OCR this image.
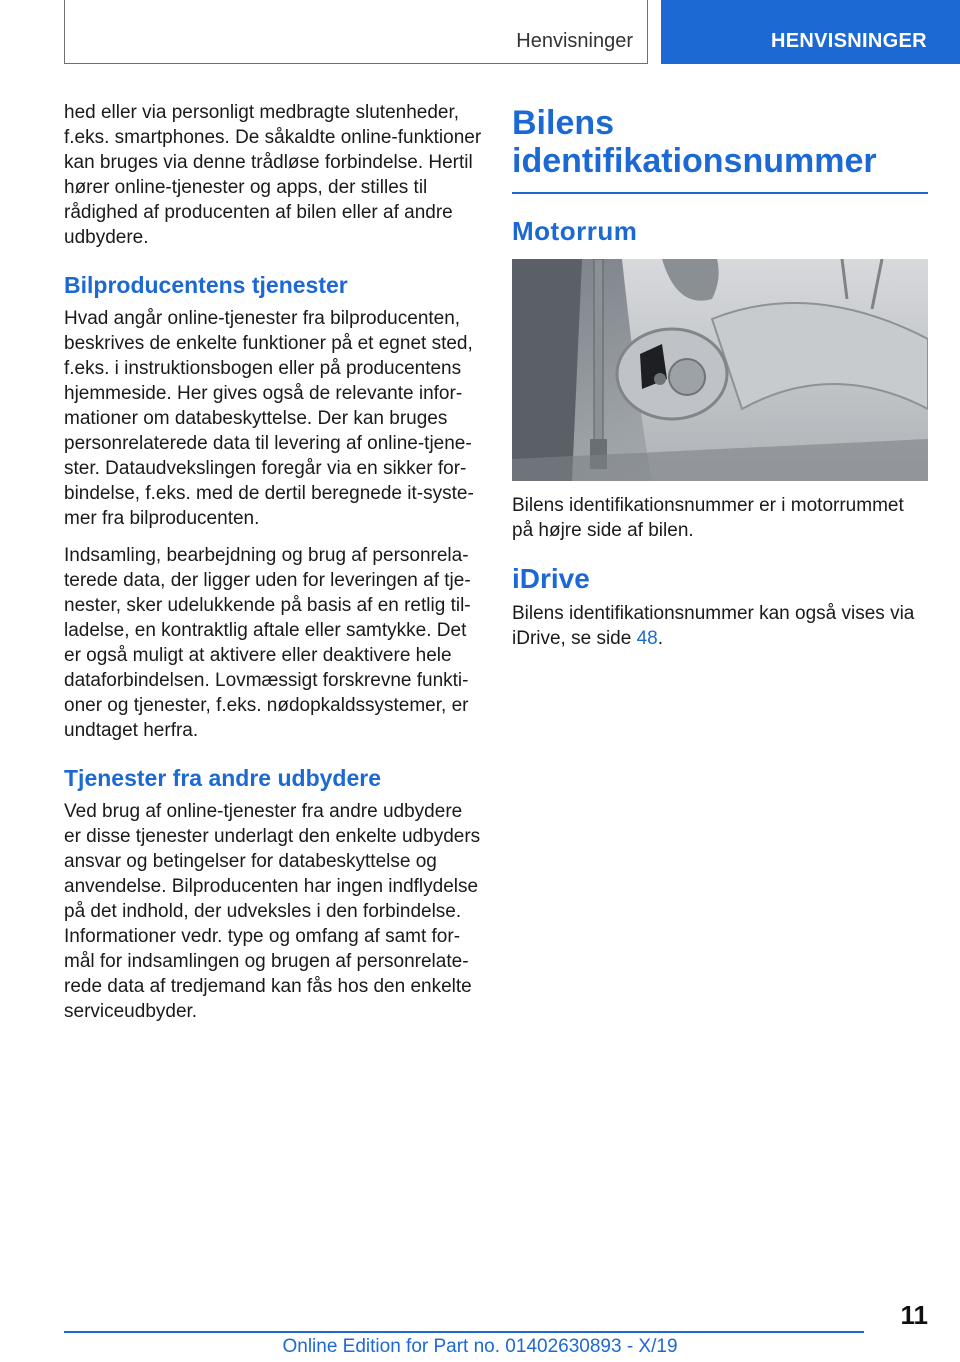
Henvisninger	HENVISNINGER

hed eller via personligt medbragte slutenheder, f.eks. smartphones. De såkaldte online-funktioner kan bruges via denne trådløse forbindelse. Hertil hører online-tjenester og apps, der stilles til rådighed af producenten af bilen eller af andre udbydere.

Bilproducentens tjenester

Hvad angår online-tjenester fra bilproducenten, beskrives de enkelte funktioner på et egnet sted, f.eks. i instruktionsbogen eller på producentens hjemmeside. Her gives også de relevante informationer om databeskyttelse. Der kan bruges personrelaterede data til levering af online-tjenester. Dataudvekslingen foregår via en sikker forbindelse, f.eks. med de dertil beregnede it-systemer fra bilproducenten.

Indsamling, bearbejdning og brug af personrelaterede data, der ligger uden for leveringen af tjenester, sker udelukkende på basis af en retlig tilladelse, en kontraktlig aftale eller samtykke. Det er også muligt at aktivere eller deaktivere hele dataforbindelsen. Lovmæssigt forskrevne funktioner og tjenester, f.eks. nødopkaldssystemer, er undtaget herfra.

Tjenester fra andre udbydere

Ved brug af online-tjenester fra andre udbydere er disse tjenester underlagt den enkelte udbyders ansvar og betingelser for databeskyttelse og anvendelse. Bilproducenten har ingen indflydelse på det indhold, der udveksles i den forbindelse. Informationer vedr. type og omfang af samt formål for indsamlingen og brugen af personrelaterede data af tredjemand kan fås hos den enkelte serviceudbyder.

Bilens identifikationsnummer
Motorrum

Bilens identifikationsnummer er i motorrummet på højre side af bilen.

iDrive

Bilens identifikationsnummer kan også vises via iDrive, se side 48.

11
Online Edition for Part no. 01402630893 - X/19
